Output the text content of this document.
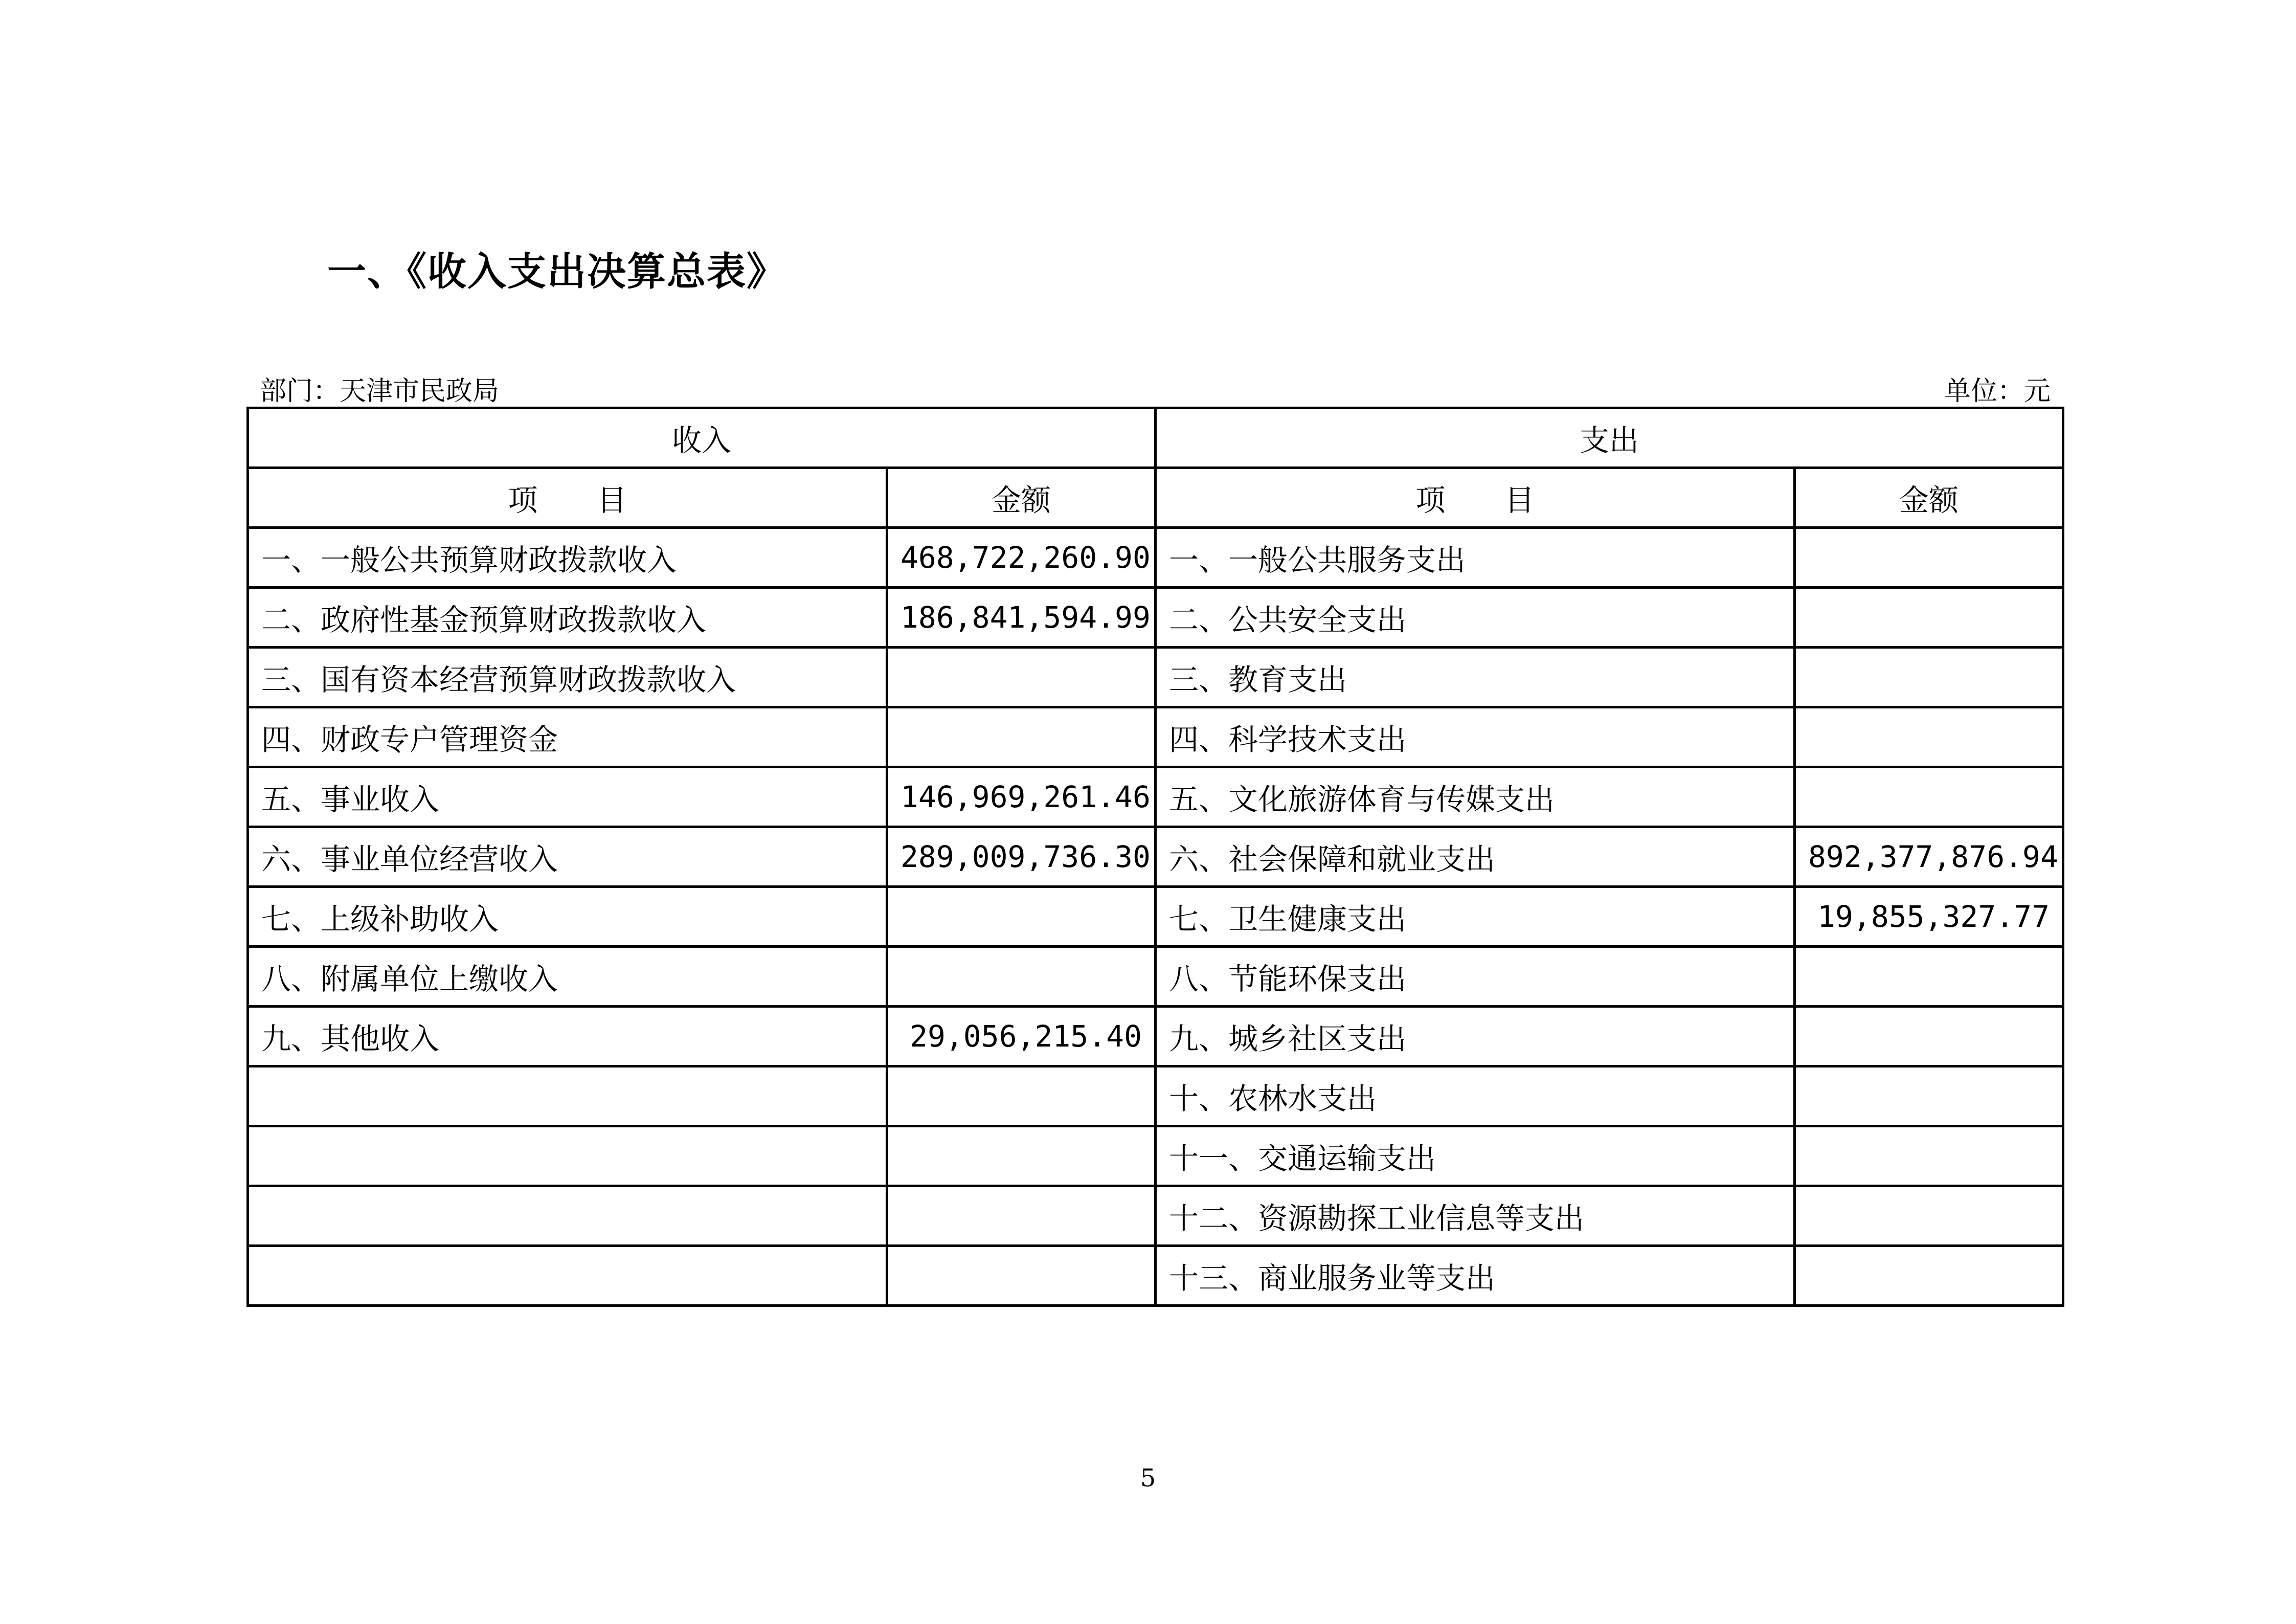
一、《收入支出决算总表》
部门：天津市民政局	单位：元
收入		支出	
项　　目	金额	项　　目	金额
一、一般公共预算财政拨款收入	468,722,260.90	一、一般公共服务支出	
二、政府性基金预算财政拨款收入	186,841,594.99	二、公共安全支出	
三、国有资本经营预算财政拨款收入		三、教育支出	
四、财政专户管理资金		四、科学技术支出	
五、事业收入	146,969,261.46	五、文化旅游体育与传媒支出	
六、事业单位经营收入	289,009,736.30	六、社会保障和就业支出	892,377,876.94
七、上级补助收入		七、卫生健康支出	19,855,327.77
八、附属单位上缴收入		八、节能环保支出	
九、其他收入	29,056,215.40	九、城乡社区支出	
		十、农林水支出	
		十一、交通运输支出	
		十二、资源勘探工业信息等支出	
		十三、商业服务业等支出	
5
